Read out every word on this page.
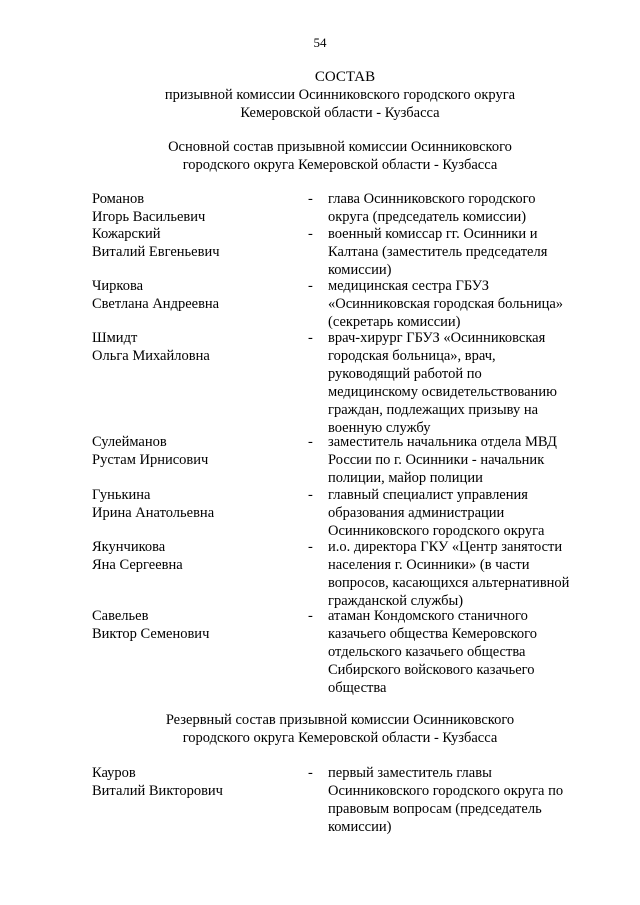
54
СОСТАВ
призывной комиссии Осинниковского городского округа
Кемеровской области - Кузбасса
Основной состав призывной комиссии Осинниковского
городского округа Кемеровской области - Кузбасса
Романов
Игорь Васильевич
- глава Осинниковского городского
округа (председатель комиссии)
Кожарский
Виталий Евгеньевич
- военный комиссар гг. Осинники и
Калтана (заместитель председателя
комиссии)
Чиркова
Светлана Андреевна
- медицинская сестра ГБУЗ
«Осинниковская городская больница»
(секретарь комиссии)
Шмидт
Ольга Михайловна
- врач-хирург ГБУЗ «Осинниковская
городская больница», врач,
руководящий работой по
медицинскому освидетельствованию
граждан, подлежащих призыву на
военную службу
Сулейманов
Рустам Ирнисович
- заместитель начальника отдела МВД
России по г. Осинники - начальник
полиции, майор полиции
Гунькина
Ирина Анатольевна
- главный специалист управления
образования администрации
Осинниковского городского округа
Якунчикова
Яна Сергеевна
- и.о. директора ГКУ «Центр занятости
населения г. Осинники» (в части
вопросов, касающихся альтернативной
гражданской службы)
Савельев
Виктор Семенович
- атаман Кондомского станичного
казачьего общества Кемеровского
отдельского казачьего общества
Сибирского войскового казачьего
общества
Резервный состав призывной комиссии Осинниковского
городского округа Кемеровской области - Кузбасса
Кауров
Виталий Викторович
- первый заместитель главы
Осинниковского городского округа по
правовым вопросам (председатель
комиссии)
